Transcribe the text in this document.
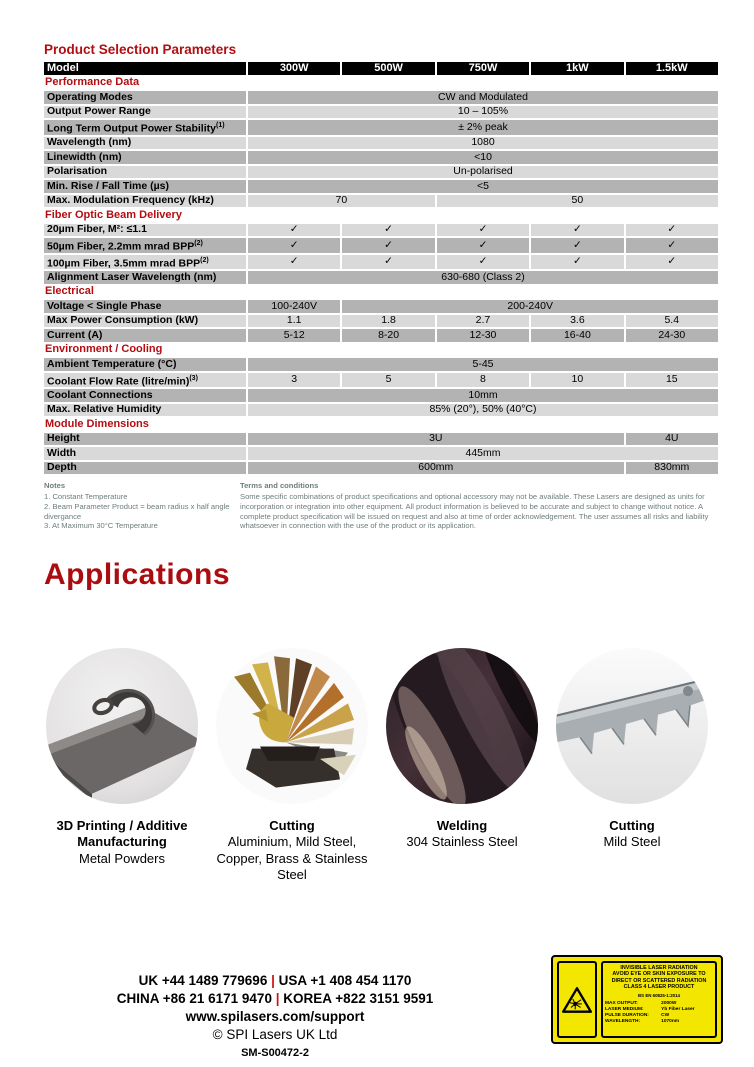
Product Selection Parameters
Model	300W	500W	750W	1kW	1.5kW
Performance Data					
Operating Modes	CW and Modulated				
Output Power Range	10 – 105%				
Long Term Output Power Stability$^{(1)}$	± 2% peak				
Wavelength (nm)	1080				
Linewidth (nm)	<10				
Polarisation	Un-polarised				
Min. Rise / Fall Time (µs)	<5				
Max. Modulation Frequency (kHz)	70		50		
Fiber Optic Beam Delivery					
20µm Fiber, M²: ≤1.1	✓	✓	✓	✓	✓
50µm Fiber, 2.2mm mrad BPP$^{(2)}$	✓	✓	✓	✓	✓
100µm Fiber, 3.5mm mrad BPP$^{(2)}$	✓	✓	✓	✓	✓
Alignment Laser Wavelength (nm)	630-680 (Class 2)				
Electrical					
Voltage < Single Phase	100-240V	200-240V			
Max Power Consumption (kW)	1.1	1.8	2.7	3.6	5.4
Current (A)	5-12	8-20	12-30	16-40	24-30
Environment / Cooling					
Ambient Temperature (°C)	5-45				
Coolant Flow Rate (litre/min)$^{(3)}$	3	5	8	10	15
Coolant Connections	10mm				
Max. Relative Humidity	85% (20°), 50% (40°C)				
Module Dimensions					
Height	3U				4U
Width	445mm				
Depth	600mm				830mm
Notes
1. Constant Temperature
2. Beam Parameter Product = beam radius x half angle divergance
3. At Maximum 30°C Temperature
Terms and conditions
Some specific combinations of product specifications and optional accessory may not be available. These Lasers are designed as units for incorporation or integration into other equipment. All product information is believed to be accurate and subject to change without notice. A complete product specification will be issued on request and also at time of order acknowledgement. The user assumes all risks and liability whatsoever in connection with the use of the product or its application.
Applications
3D Printing / Additive Manufacturing
Metal Powders
Cutting
Aluminium, Mild Steel, Copper, Brass & Stainless Steel
Welding
304 Stainless Steel
Cutting
Mild Steel
UK +44 1489 779696 | USA +1 408 454 1170
CHINA +86 21 6171 9470 | KOREA +822 3151 9591
www.spilasers.com/support
© SPI Lasers UK Ltd
SM-S00472-2
INVISIBLE LASER RADIATION
AVOID EYE OR SKIN EXPOSURE TO
DIRECT OR SCATTERED RADIATION
CLASS 4 LASER PRODUCT
BS EN 60825-1:2014
MAX OUTPUT:	2000W
LASER MEDIUM:	Yb Fiber Laser
PULSE DURATION:	CW
WAVELENGTH:	1070nm
